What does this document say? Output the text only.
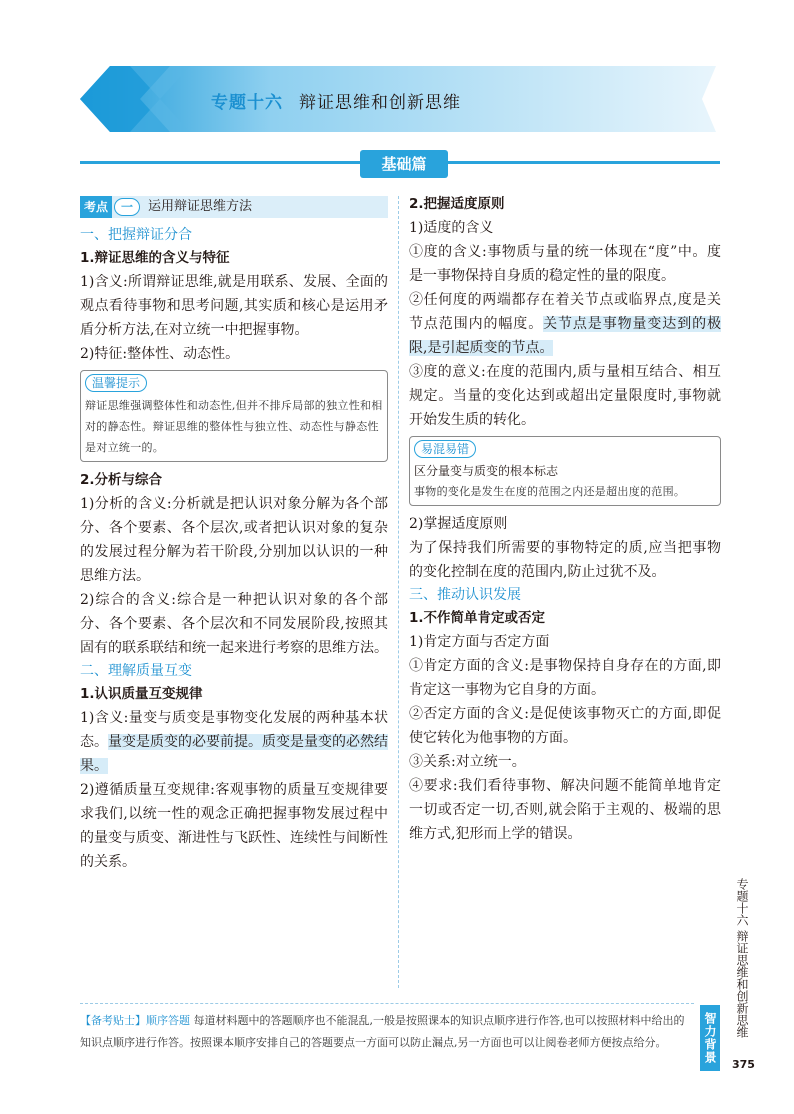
专题十六 辩证思维和创新思维
基础篇
考点	一	运用辩证思维方法
一、把握辩证分合
1.辩证思维的含义与特征
1)含义:所谓辩证思维,就是用联系、发展、全面的观点看待事物和思考问题,其实质和核心是运用矛盾分析方法,在对立统一中把握事物。
2)特征:整体性、动态性。
温馨提示
辩证思维强调整体性和动态性,但并不排斥局部的独立性和相对的静态性。辩证思维的整体性与独立性、动态性与静态性是对立统一的。
2.分析与综合
1)分析的含义:分析就是把认识对象分解为各个部分、各个要素、各个层次,或者把认识对象的复杂的发展过程分解为若干阶段,分别加以认识的一种思维方法。
2)综合的含义:综合是一种把认识对象的各个部分、各个要素、各个层次和不同发展阶段,按照其固有的联系联结和统一起来进行考察的思维方法。
二、理解质量互变
1.认识质量互变规律
1)含义:量变与质变是事物变化发展的两种基本状态。量变是质变的必要前提。质变是量变的必然结果。
2)遵循质量互变规律:客观事物的质量互变规律要求我们,以统一性的观念正确把握事物发展过程中的量变与质变、渐进性与飞跃性、连续性与间断性的关系。
2.把握适度原则
1)适度的含义
①度的含义:事物质与量的统一体现在“度”中。度是一事物保持自身质的稳定性的量的限度。
②任何度的两端都存在着关节点或临界点,度是关节点范围内的幅度。关节点是事物量变达到的极限,是引起质变的节点。
③度的意义:在度的范围内,质与量相互结合、相互规定。当量的变化达到或超出定量限度时,事物就开始发生质的转化。
易混易错
区分量变与质变的根本标志
事物的变化是发生在度的范围之内还是超出度的范围。
2)掌握适度原则
为了保持我们所需要的事物特定的质,应当把事物的变化控制在度的范围内,防止过犹不及。
三、推动认识发展
1.不作简单肯定或否定
1)肯定方面与否定方面
①肯定方面的含义:是事物保持自身存在的方面,即肯定这一事物为它自身的方面。
②否定方面的含义:是促使该事物灭亡的方面,即促使它转化为他事物的方面。
③关系:对立统一。
④要求:我们看待事物、解决问题不能简单地肯定一切或否定一切,否则,就会陷于主观的、极端的思维方式,犯形而上学的错误。
【备考贴士】顺序答题 每道材料题中的答题顺序也不能混乱,一般是按照课本的知识点顺序进行作答,也可以按照材料中给出的知识点顺序进行作答。按照课本顺序安排自己的答题要点一方面可以防止漏点,另一方面也可以让阅卷老师方便按点给分。
专题十六 辩证思维和创新思维
智力背景
375
